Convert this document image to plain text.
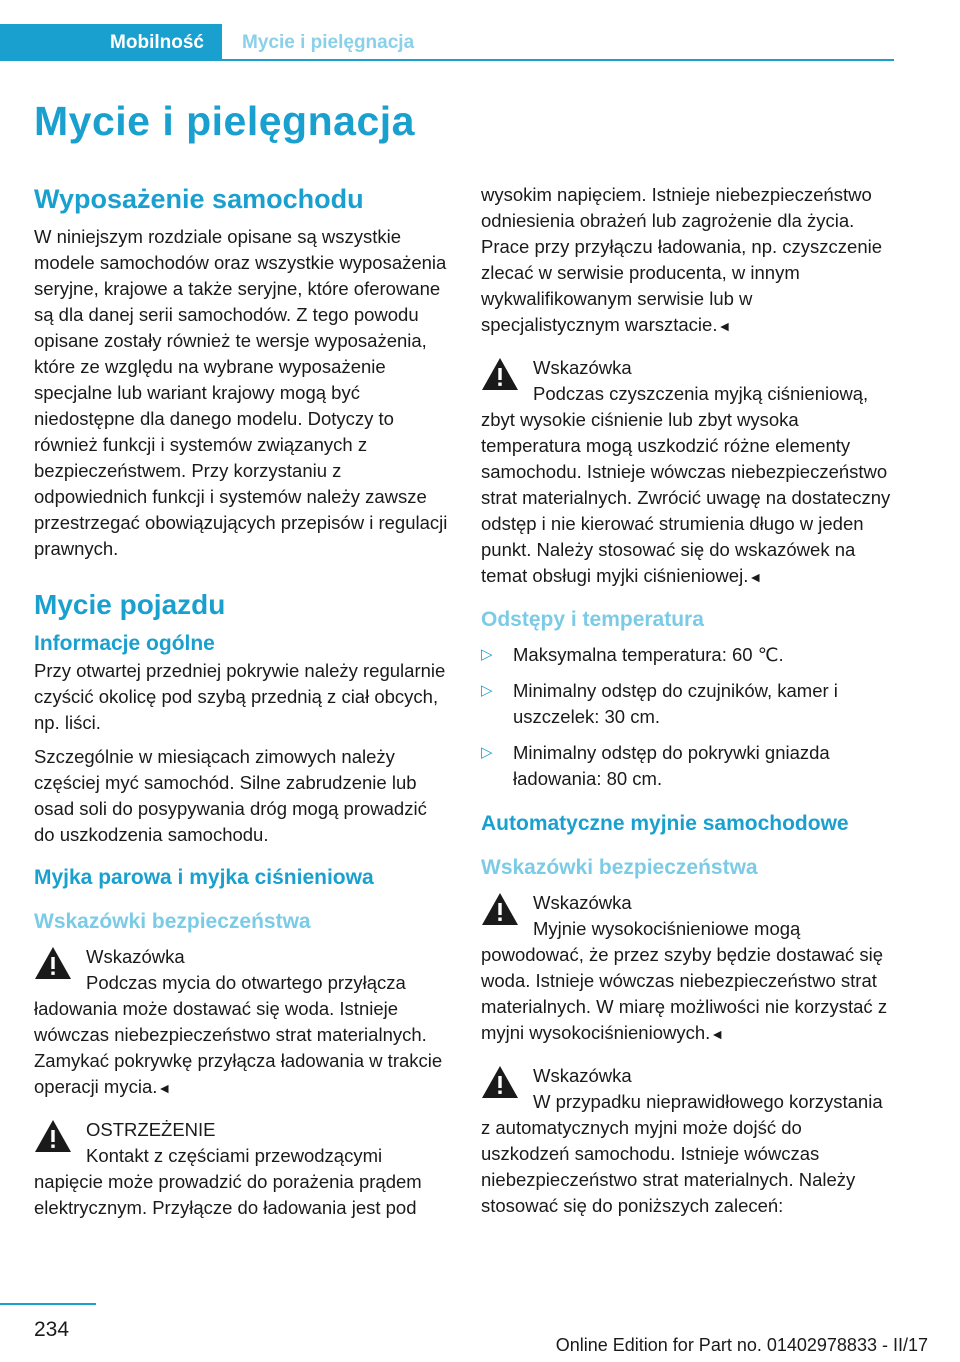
Mobilność	Mycie i pielęgnacja
Mycie i pielęgnacja
Wyposażenie samochodu

W niniejszym rozdziale opisane są wszystkie modele samochodów oraz wszystkie wyposażenia seryjne, krajowe a także seryjne, które oferowane są dla danej serii samochodów. Z tego powodu opisane zostały również te wersje wyposażenia, które ze względu na wybrane wyposażenie specjalne lub wariant krajowy mogą być niedostępne dla danego modelu. Dotyczy to również funkcji i systemów związanych z bezpieczeństwem. Przy korzystaniu z odpowiednich funkcji i systemów należy zawsze przestrzegać obowiązujących przepisów i regulacji prawnych.

Mycie pojazdu
Informacje ogólne

Przy otwartej przedniej pokrywie należy regularnie czyścić okolicę pod szybą przednią z ciał obcych, np. liści.

Szczególnie w miesiącach zimowych należy częściej myć samochód. Silne zabrudzenie lub osad soli do posypywania dróg mogą prowadzić do uszkodzenia samochodu.

Myjka parowa i myjka ciśnieniowa
Wskazówki bezpieczeństwa
Wskazówka
Podczas mycia do otwartego przyłącza ładowania może dostawać się woda. Istnieje wówczas niebezpieczeństwo strat materialnych. Zamykać pokrywkę przyłącza ładowania w trakcie operacji mycia.◄
OSTRZEŻENIE
Kontakt z częściami przewodzącymi napięcie może prowadzić do porażenia prądem elektrycznym. Przyłącze do ładowania jest pod

wysokim napięciem. Istnieje niebezpieczeństwo odniesienia obrażeń lub zagrożenie dla życia. Prace przy przyłączu ładowania, np. czyszczenie zlecać w serwisie producenta, w innym wykwalifikowanym serwisie lub w specjalistycznym warsztacie.◄

Wskazówka
Podczas czyszczenia myjką ciśnieniową, zbyt wysokie ciśnienie lub zbyt wysoka temperatura mogą uszkodzić różne elementy samochodu. Istnieje wówczas niebezpieczeństwo strat materialnych. Zwrócić uwagę na dostateczny odstęp i nie kierować strumienia długo w jeden punkt. Należy stosować się do wskazówek na temat obsługi myjki ciśnieniowej.◄
Odstępy i temperatura
▷ Maksymalna temperatura: 60 ℃.
▷ Minimalny odstęp do czujników, kamer i uszczelek: 30 cm.
▷ Minimalny odstęp do pokrywki gniazda ładowania: 80 cm.
Automatyczne myjnie samochodowe
Wskazówki bezpieczeństwa
Wskazówka
Myjnie wysokociśnieniowe mogą powodować, że przez szyby będzie dostawać się woda. Istnieje wówczas niebezpieczeństwo strat materialnych. W miarę możliwości nie korzystać z myjni wysokociśnieniowych.◄
Wskazówka
W przypadku nieprawidłowego korzystania z automatycznych myjni może dojść do uszkodzeń samochodu. Istnieje wówczas niebezpieczeństwo strat materialnych. Należy stosować się do poniższych zaleceń:
234
Online Edition for Part no. 01402978833 - II/17
